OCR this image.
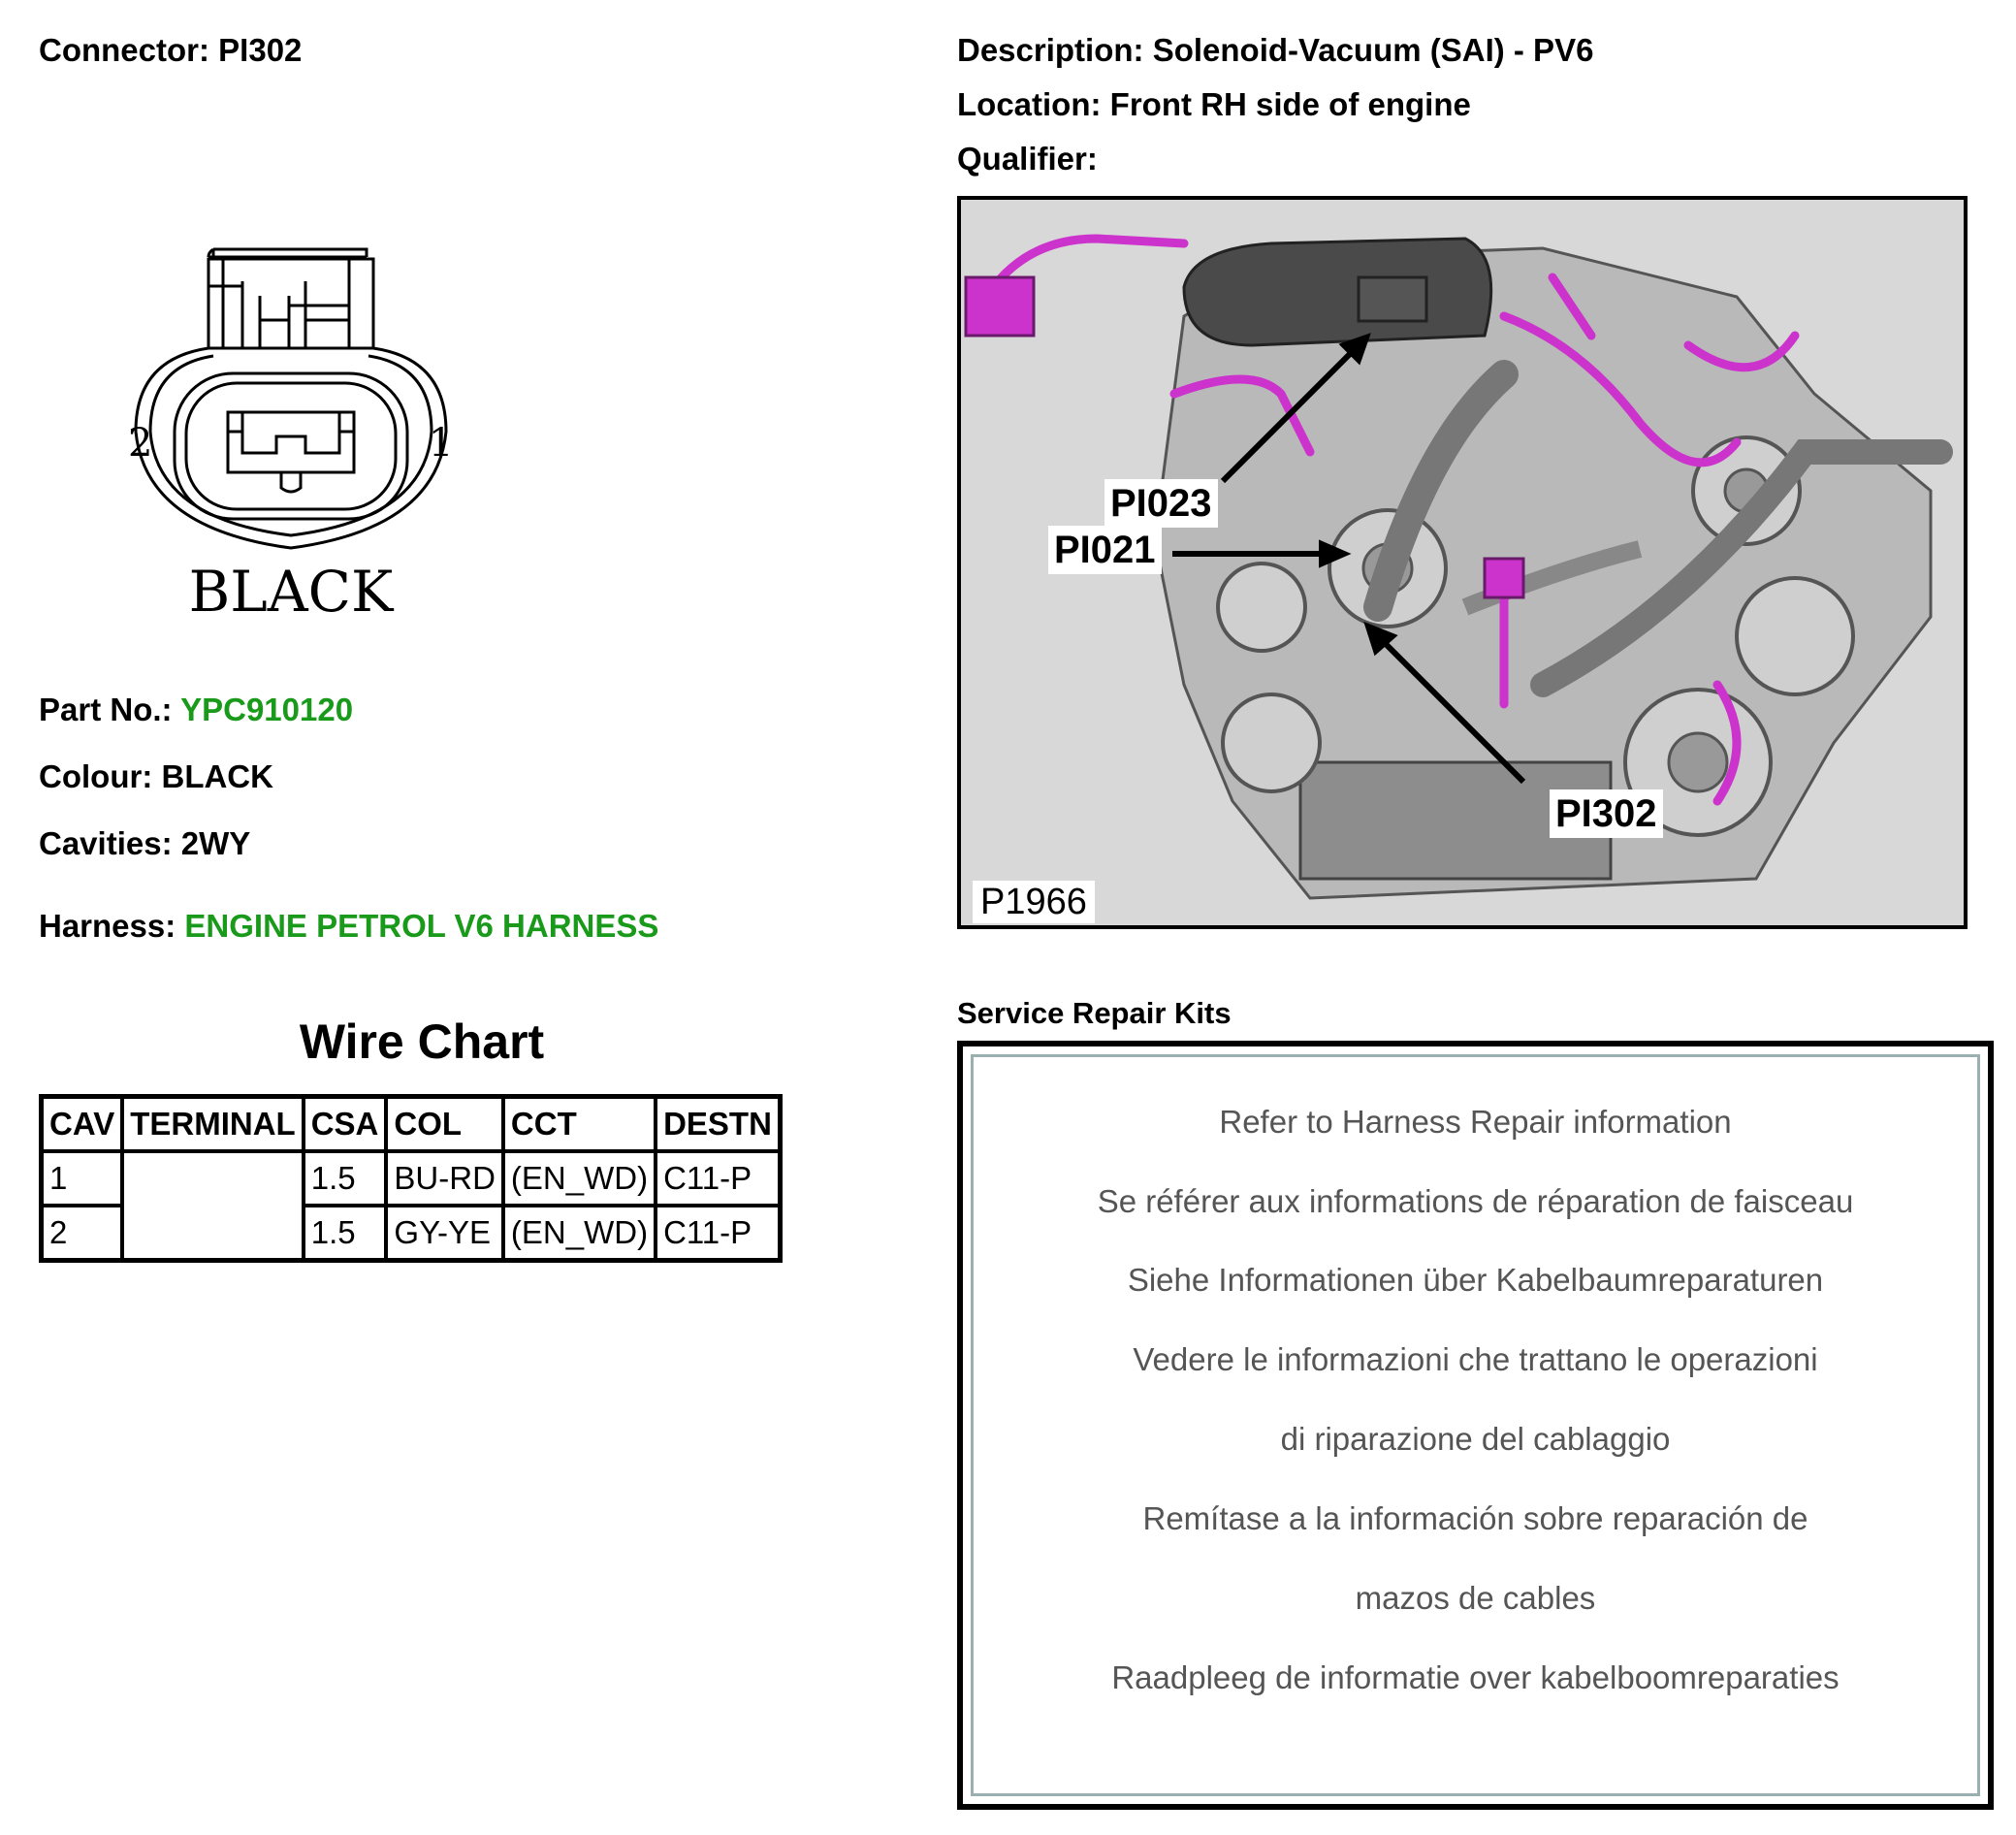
Connector: PI302
2	1
BLACK
Part No.: YPC910120
Colour: BLACK
Cavities: 2WY
Harness: ENGINE PETROL V6 HARNESS
Wire Chart
CAV	TERMINAL	CSA	COL	CCT	DESTN
1		1.5	BU-RD	(EN_WD)	C11-P
2		1.5	GY-YE	(EN_WD)	C11-P
Description: Solenoid-Vacuum (SAI) - PV6
Location: Front RH side of engine
Qualifier:
PI023
PI021
PI302
P1966
Service Repair Kits
Refer to Harness Repair information
Se référer aux informations de réparation de faisceau
Siehe Informationen über Kabelbaumreparaturen
Vedere le informazioni che trattano le operazioni
di riparazione del cablaggio
Remítase a la información sobre reparación de
mazos de cables
Raadpleeg de informatie over kabelboomreparaties
